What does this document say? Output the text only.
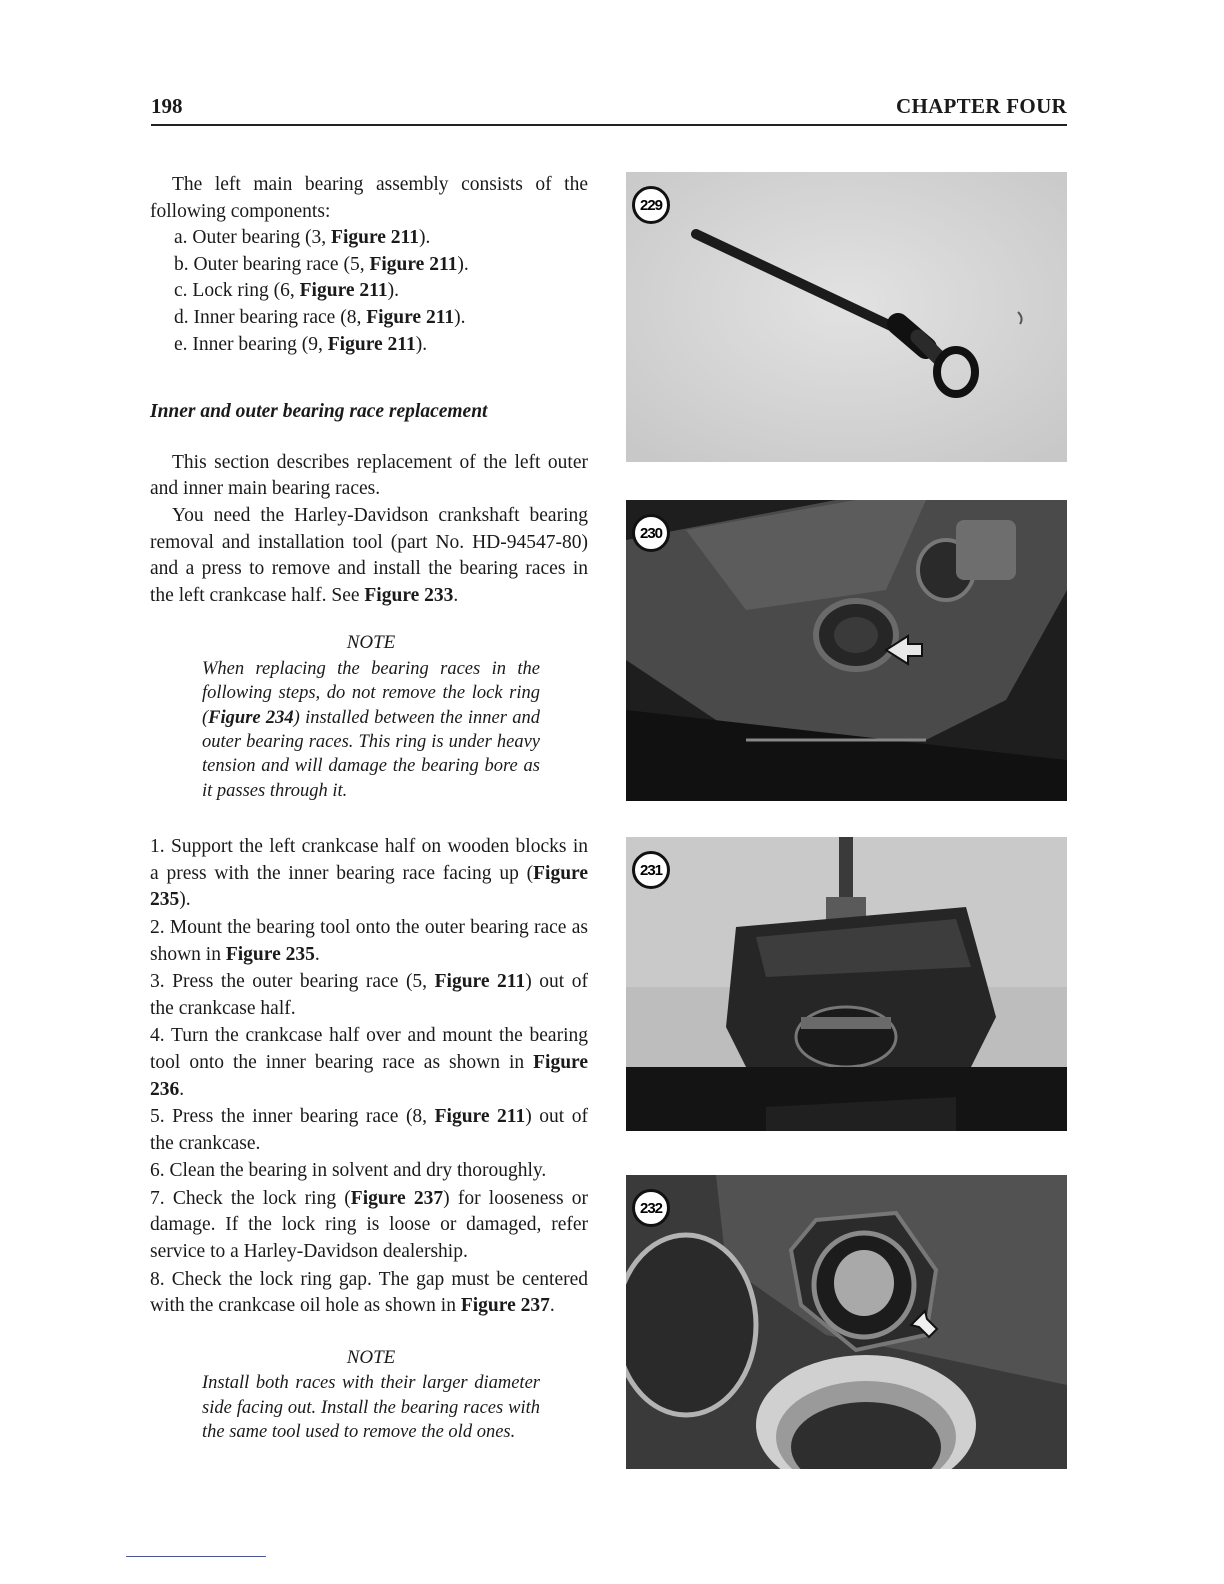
198	CHAPTER FOUR

The left main bearing assembly consists of the following components:

a. Outer bearing (3, Figure 211).
b. Outer bearing race (5, Figure 211).
c. Lock ring (6, Figure 211).
d. Inner bearing race (8, Figure 211).
e. Inner bearing (9, Figure 211).

Inner and outer bearing race replacement

This section describes replacement of the left outer and inner main bearing races.

You need the Harley-Davidson crankshaft bearing removal and installation tool (part No. HD-94547-80) and a press to remove and install the bearing races in the left crankcase half. See Figure 233.

NOTE

When replacing the bearing races in the following steps, do not remove the lock ring (Figure 234) installed between the inner and outer bearing races. This ring is under heavy tension and will damage the bearing bore as it passes through it.

1. Support the left crankcase half on wooden blocks in a press with the inner bearing race facing up (Figure 235).

2. Mount the bearing tool onto the outer bearing race as shown in Figure 235.

3. Press the outer bearing race (5, Figure 211) out of the crankcase half.

4. Turn the crankcase half over and mount the bearing tool onto the inner bearing race as shown in Figure 236.

5. Press the inner bearing race (8, Figure 211) out of the crankcase.

6. Clean the bearing in solvent and dry thoroughly.

7. Check the lock ring (Figure 237) for looseness or damage. If the lock ring is loose or damaged, refer service to a Harley-Davidson dealership.

8. Check the lock ring gap. The gap must be centered with the crankcase oil hole as shown in Figure 237.

NOTE

Install both races with their larger diameter side facing out. Install the bearing races with the same tool used to remove the old ones.

229
230
231
232
